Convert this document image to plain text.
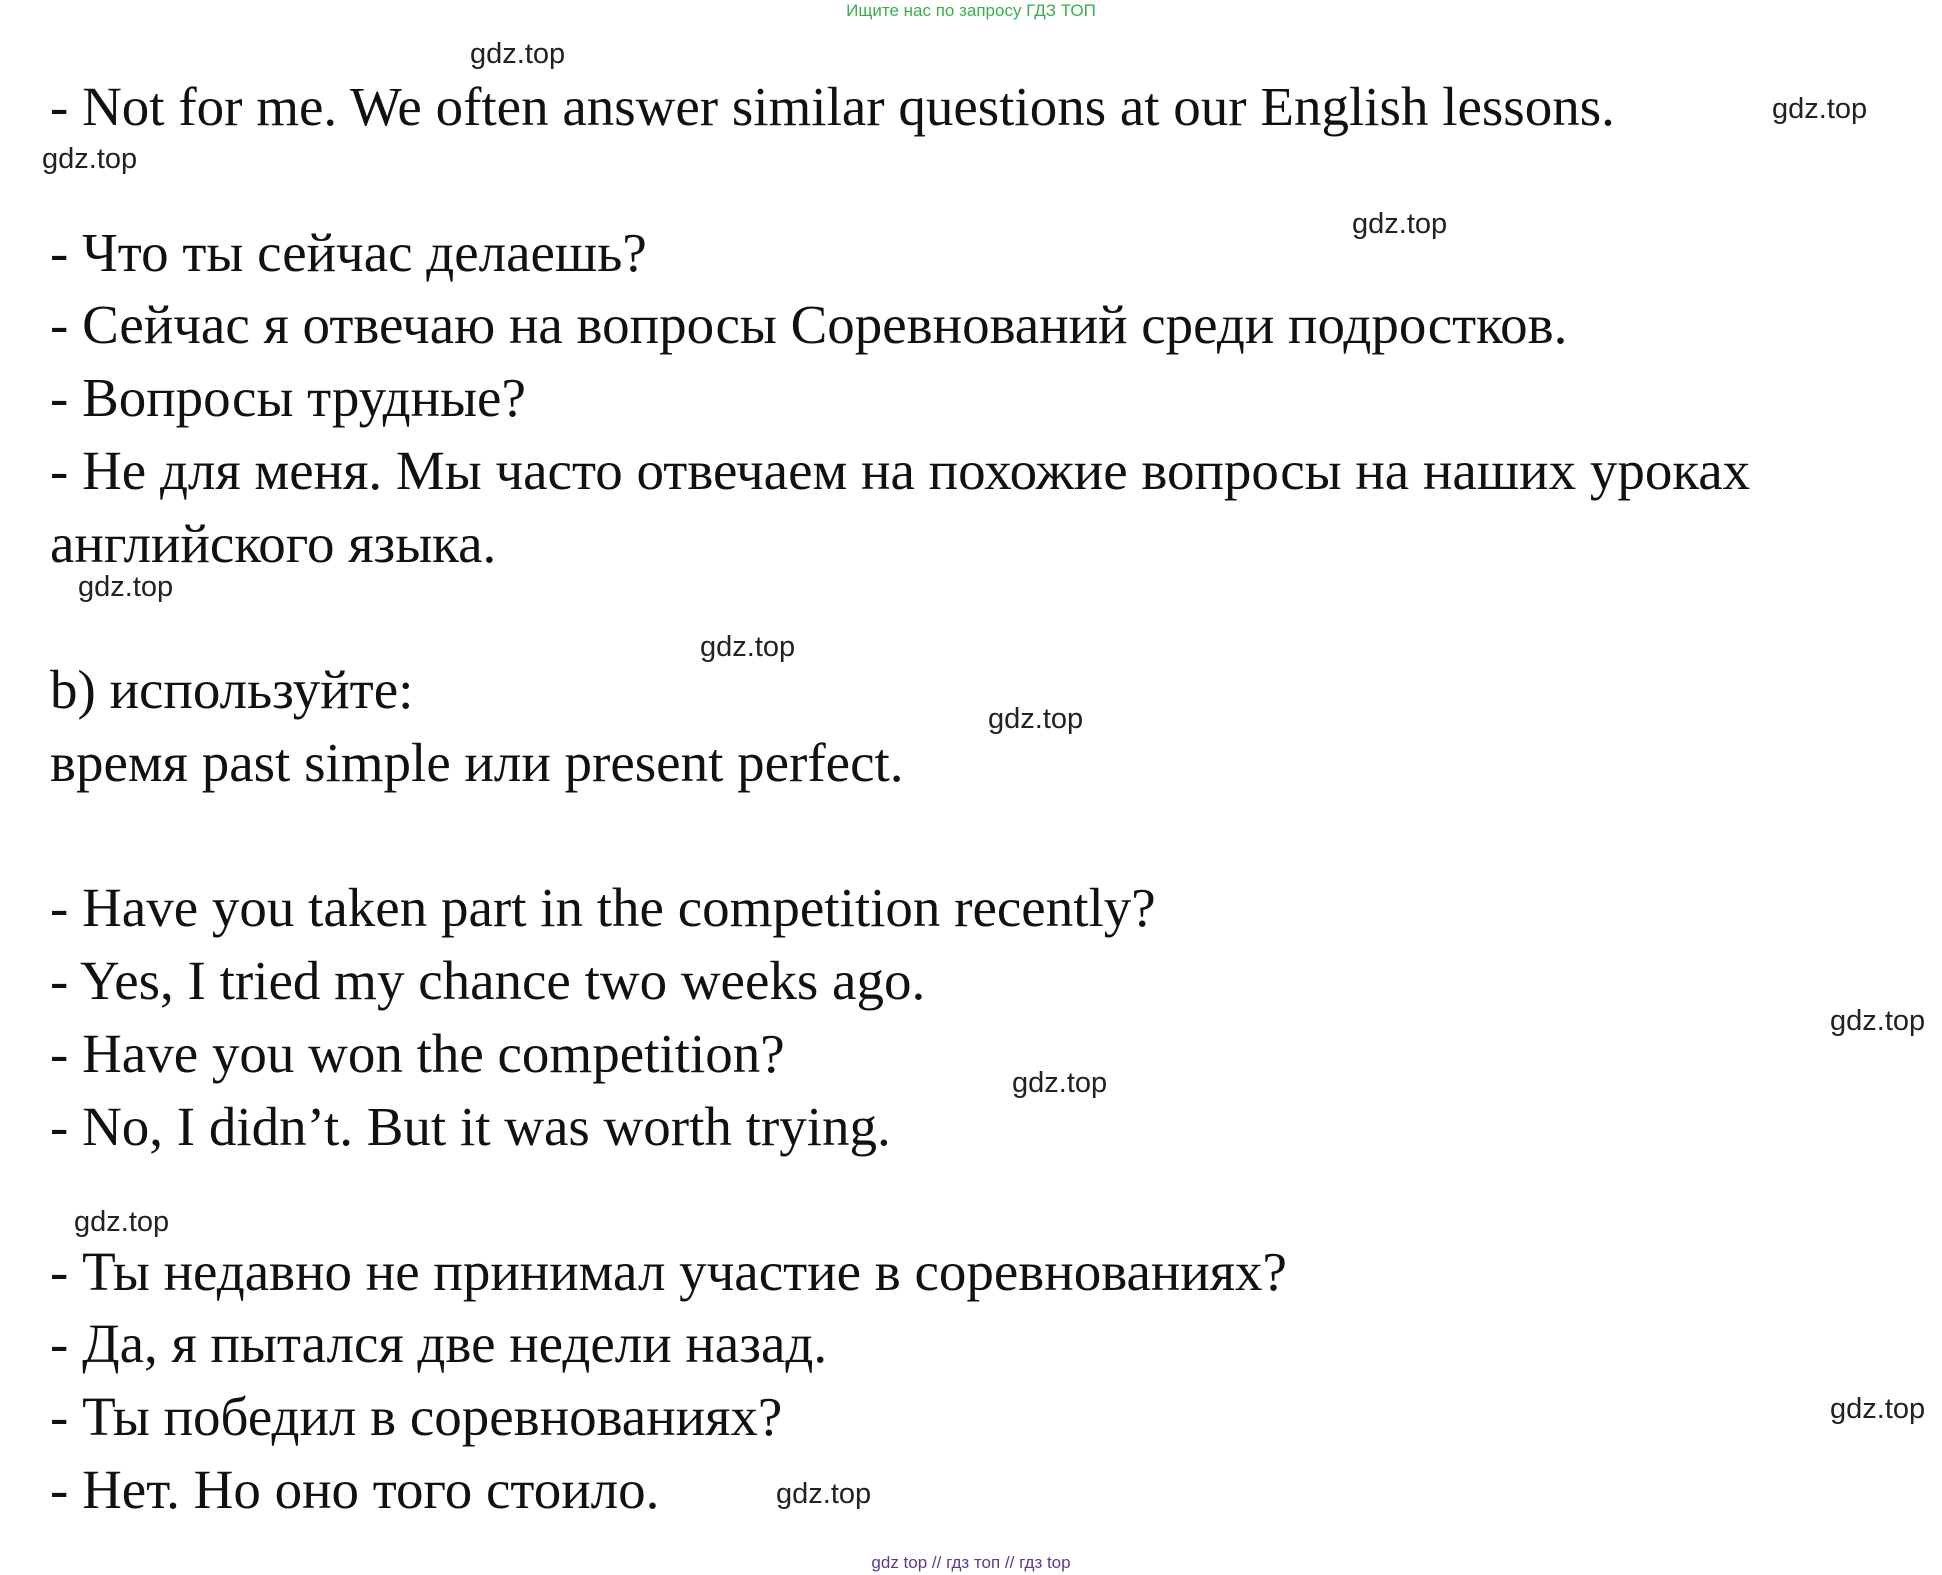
Ищите нас по запросу ГДЗ ТОП
- Not for me. We often answer similar questions at our English lessons.
- Что ты сейчас делаешь?
- Сейчас я отвечаю на вопросы Соревнований среди подростков.
- Вопросы трудные?
- Не для меня. Мы часто отвечаем на похожие вопросы на наших уроках
английского языка.
b) используйте:
время past simple или present perfect.
- Have you taken part in the competition recently?
- Yes, I tried my chance two weeks ago.
- Have you won the competition?
- No, I didn’t. But it was worth trying.
- Ты недавно не принимал участие в соревнованиях?
- Да, я пытался две недели назад.
- Ты победил в соревнованиях?
- Нет. Но оно того стоило.
gdz.top
gdz.top
gdz.top
gdz.top
gdz.top
gdz.top
gdz.top
gdz.top
gdz.top
gdz.top
gdz.top
gdz.top
gdz top // гдз топ // гдз top
